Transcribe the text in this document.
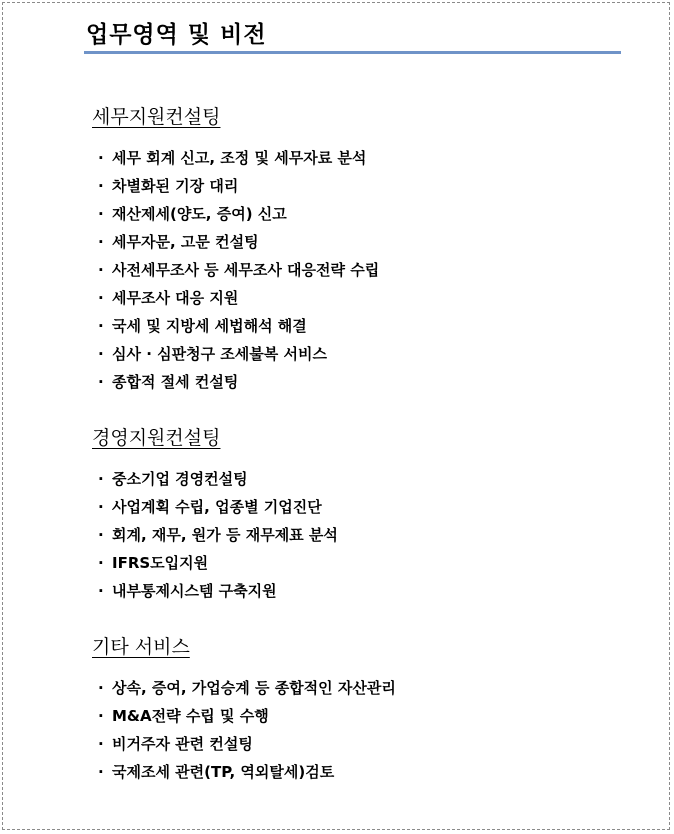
업무영역 및 비전
세무지원컨설팅
· 세무 회계 신고, 조정 및 세무자료 분석
· 차별화된 기장 대리
· 재산제세(양도, 증여) 신고
· 세무자문, 고문 컨설팅
· 사전세무조사 등 세무조사 대응전략 수립
· 세무조사 대응 지원
· 국세 및 지방세 세법해석 해결
· 심사 · 심판청구 조세불복 서비스
· 종합적 절세 컨설팅
경영지원컨설팅
· 중소기업 경영컨설팅
· 사업계획 수립, 업종별 기업진단
· 회계, 재무, 원가 등 재무제표 분석
· IFRS도입지원
· 내부통제시스템 구축지원
기타 서비스
· 상속, 증여, 가업승계 등 종합적인 자산관리
· M&A전략 수립 및 수행
· 비거주자 관련 컨설팅
· 국제조세 관련(TP, 역외탈세)검토
